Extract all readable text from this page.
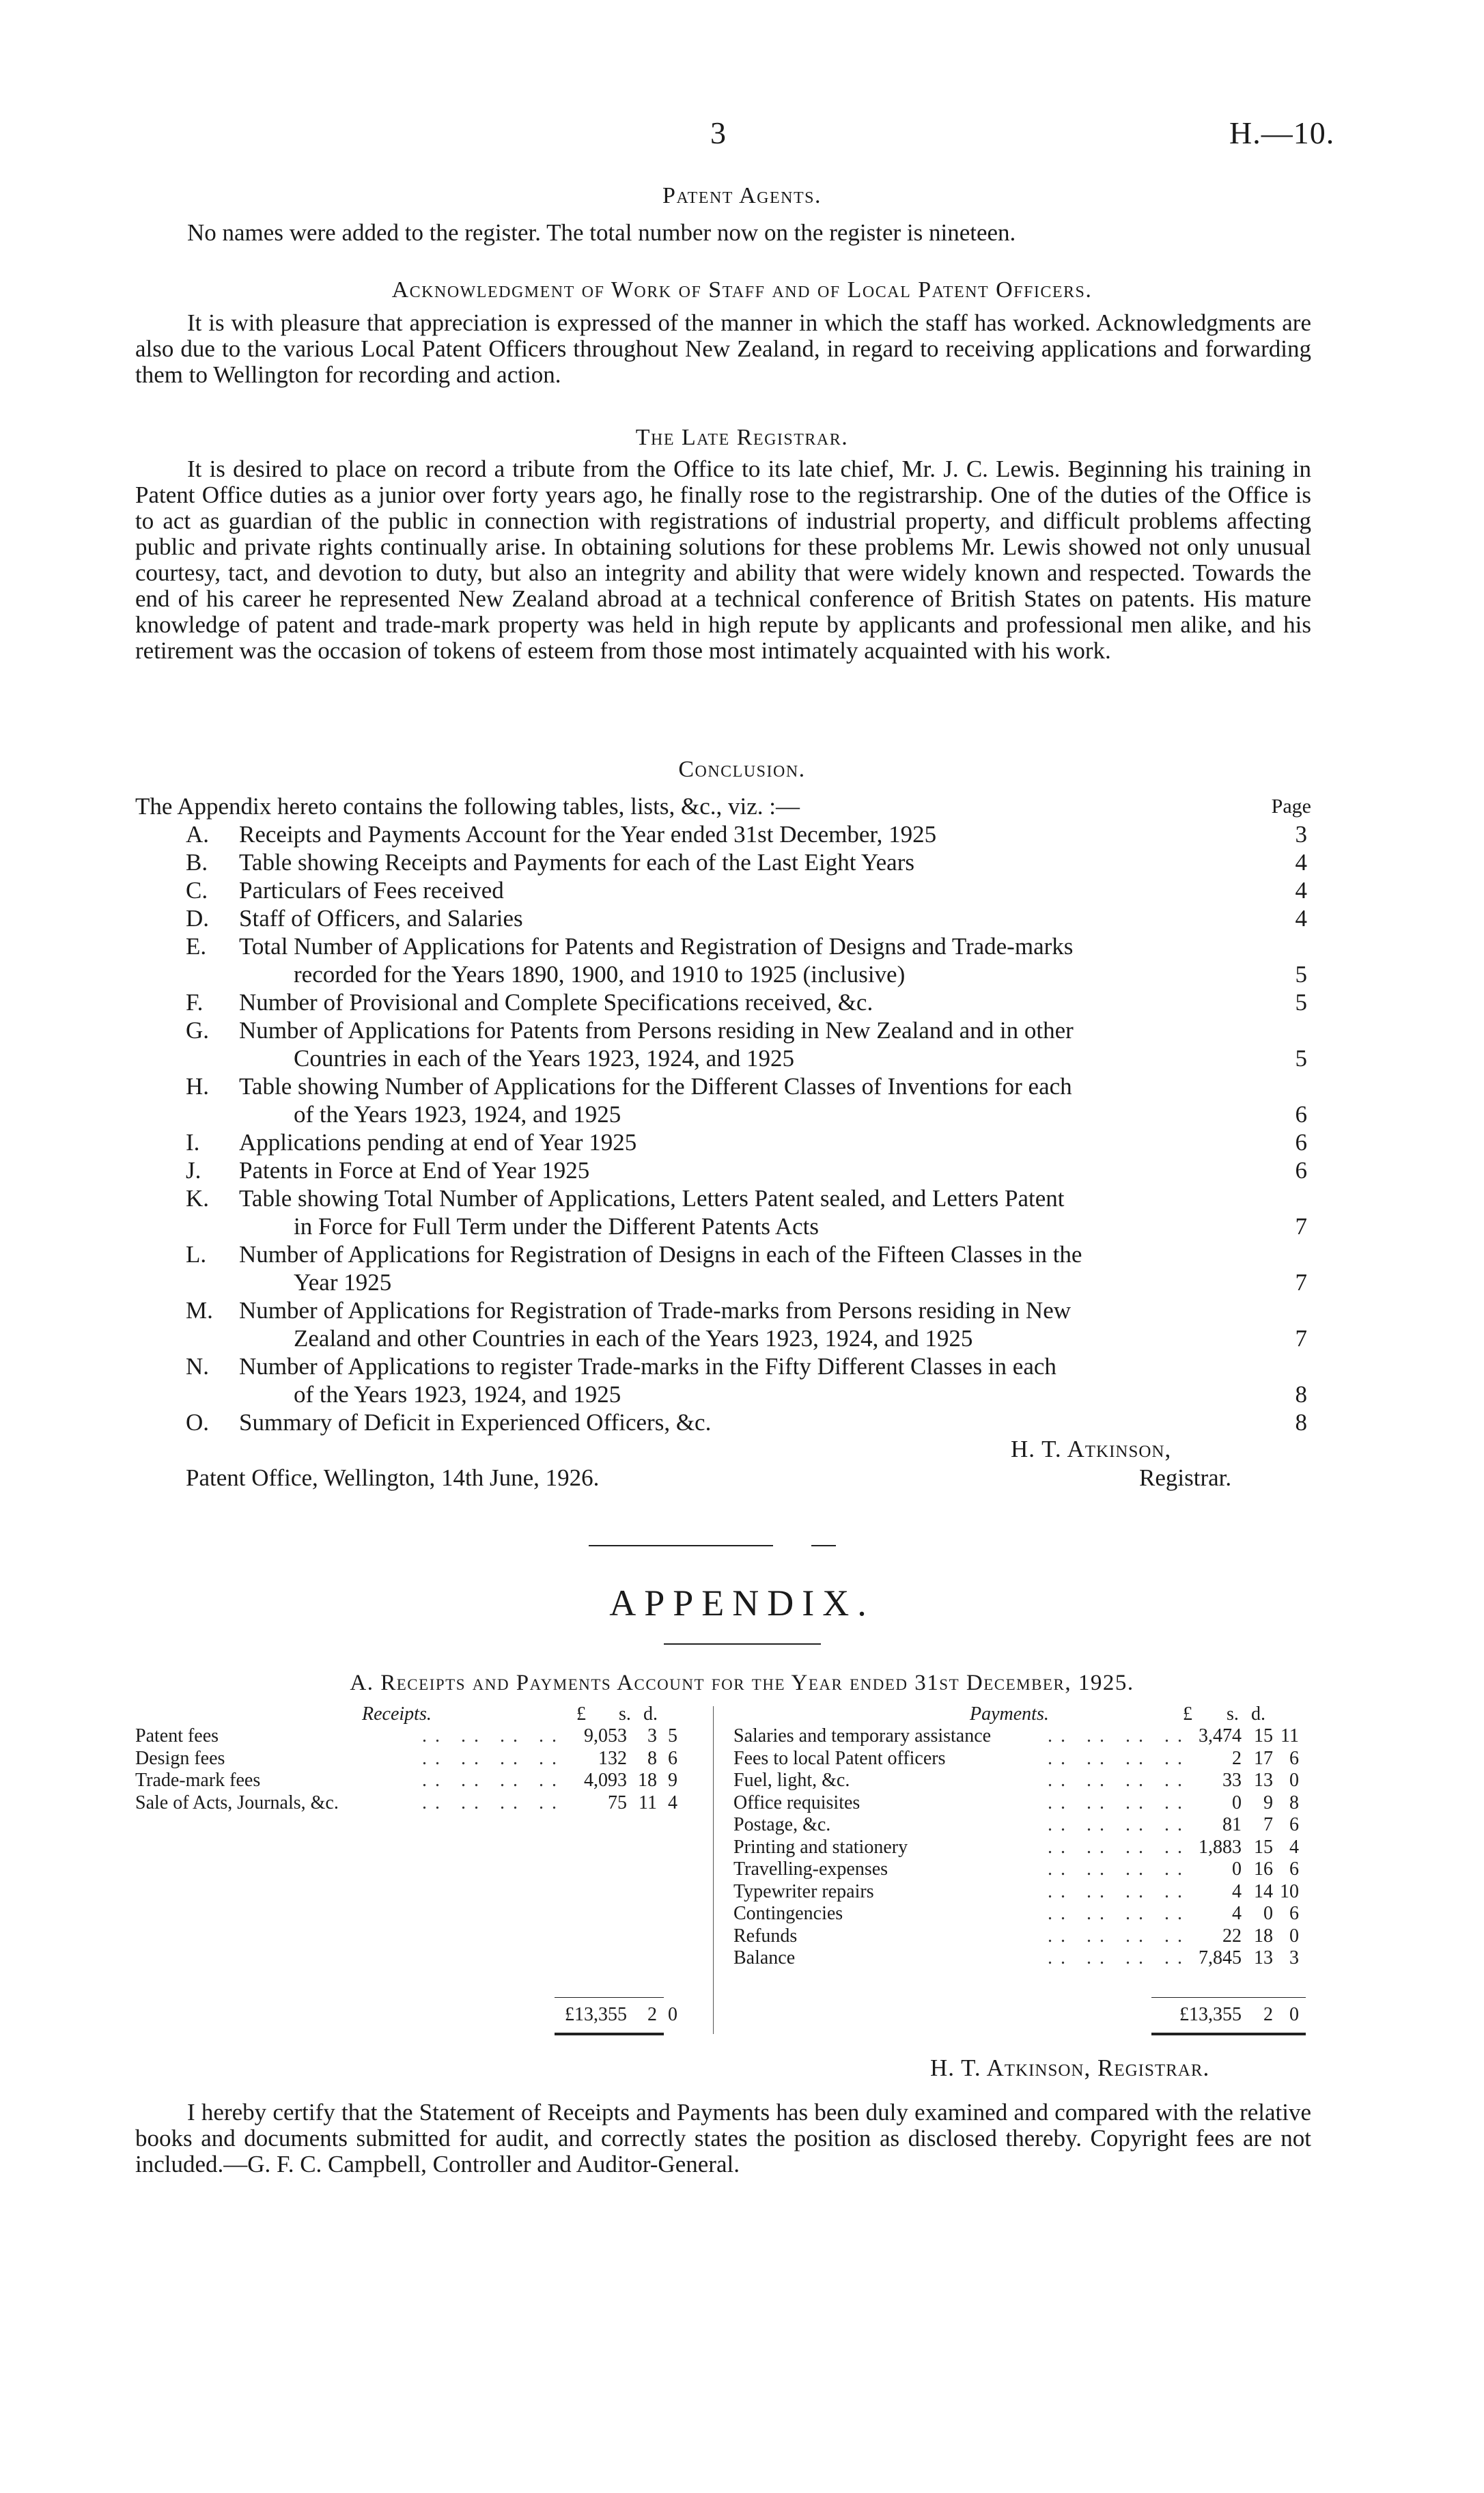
3	H.—10.
Patent Agents.

No names were added to the register. The total number now on the register is nineteen.

Acknowledgment of Work of Staff and of Local Patent Officers.

It is with pleasure that appreciation is expressed of the manner in which the staff has worked. Acknowledgments are also due to the various Local Patent Officers throughout New Zealand, in regard to receiving applications and forwarding them to Wellington for recording and action.

The Late Registrar.

It is desired to place on record a tribute from the Office to its late chief, Mr. J. C. Lewis. Beginning his training in Patent Office duties as a junior over forty years ago, he finally rose to the registrarship. One of the duties of the Office is to act as guardian of the public in connection with registrations of industrial property, and difficult problems affecting public and private rights continually arise. In obtaining solutions for these problems Mr. Lewis showed not only unusual courtesy, tact, and devotion to duty, but also an integrity and ability that were widely known and respected. Towards the end of his career he represented New Zealand abroad at a technical conference of British States on patents. His mature knowledge of patent and trade-mark property was held in high repute by applicants and professional men alike, and his retirement was the occasion of tokens of esteem from those most intimately acquainted with his work.

Conclusion.
The Appendix hereto contains the following tables, lists, &c., viz. :—	Page
A.	Receipts and Payments Account for the Year ended 31st December, 1925	3
B.	Table showing Receipts and Payments for each of the Last Eight Years	4
C.	Particulars of Fees received	4
D.	Staff of Officers, and Salaries	4
E.	Total Number of Applications for Patents and Registration of Designs and Trade-marks
recorded for the Years 1890, 1900, and 1910 to 1925 (inclusive)	5
F.	Number of Provisional and Complete Specifications received, &c.	5
G.	Number of Applications for Patents from Persons residing in New Zealand and in other
Countries in each of the Years 1923, 1924, and 1925	5
H.	Table showing Number of Applications for the Different Classes of Inventions for each
of the Years 1923, 1924, and 1925	6
I.	Applications pending at end of Year 1925	6
J.	Patents in Force at End of Year 1925	6
K.	Table showing Total Number of Applications, Letters Patent sealed, and Letters Patent
in Force for Full Term under the Different Patents Acts	7
L.	Number of Applications for Registration of Designs in each of the Fifteen Classes in the
Year 1925	7
M.	Number of Applications for Registration of Trade-marks from Persons residing in New
Zealand and other Countries in each of the Years 1923, 1924, and 1925	7
N.	Number of Applications to register Trade-marks in the Fifty Different Classes in each
of the Years 1923, 1924, and 1925	8
O.	Summary of Deficit in Experienced Officers, &c.	8
H. T. Atkinson,
Patent Office, Wellington, 14th June, 1926.	Registrar.
APPENDIX.
A. Receipts and Payments Account for the Year ended 31st December, 1925.
Receipts.	£ s. d.	Payments.	£ s. d.
Patent fees	.. .. .. .. 9,053 3 5
Design fees	.. .. .. .. 132 8 6
Trade-mark fees	.. .. .. .. 4,093 18 9
Sale of Acts, Journals, &c.	.. .. .. .. 75 11 4
Salaries and temporary assistance	.. .. .. .. 3,474 15 11
Fees to local Patent officers	.. .. .. .. 2 17 6
Fuel, light, &c.	.. .. .. .. 33 13 0
Office requisites	.. .. .. .. 0 9 8
Postage, &c.	.. .. .. .. 81 7 6
Printing and stationery	.. .. .. .. 1,883 15 4
Travelling-expenses	.. .. .. .. 0 16 6
Typewriter repairs	.. .. .. .. 4 14 10
Contingencies	.. .. .. .. 4 0 6
Refunds	.. .. .. .. 22 18 0
Balance	.. .. .. .. 7,845 13 3
£13,355 2 0	£13,355 2 0
H. T. Atkinson, Registrar.

I hereby certify that the Statement of Receipts and Payments has been duly examined and compared with the relative books and documents submitted for audit, and correctly states the position as disclosed thereby. Copyright fees are not included.—G. F. C. Campbell, Controller and Auditor-General.
